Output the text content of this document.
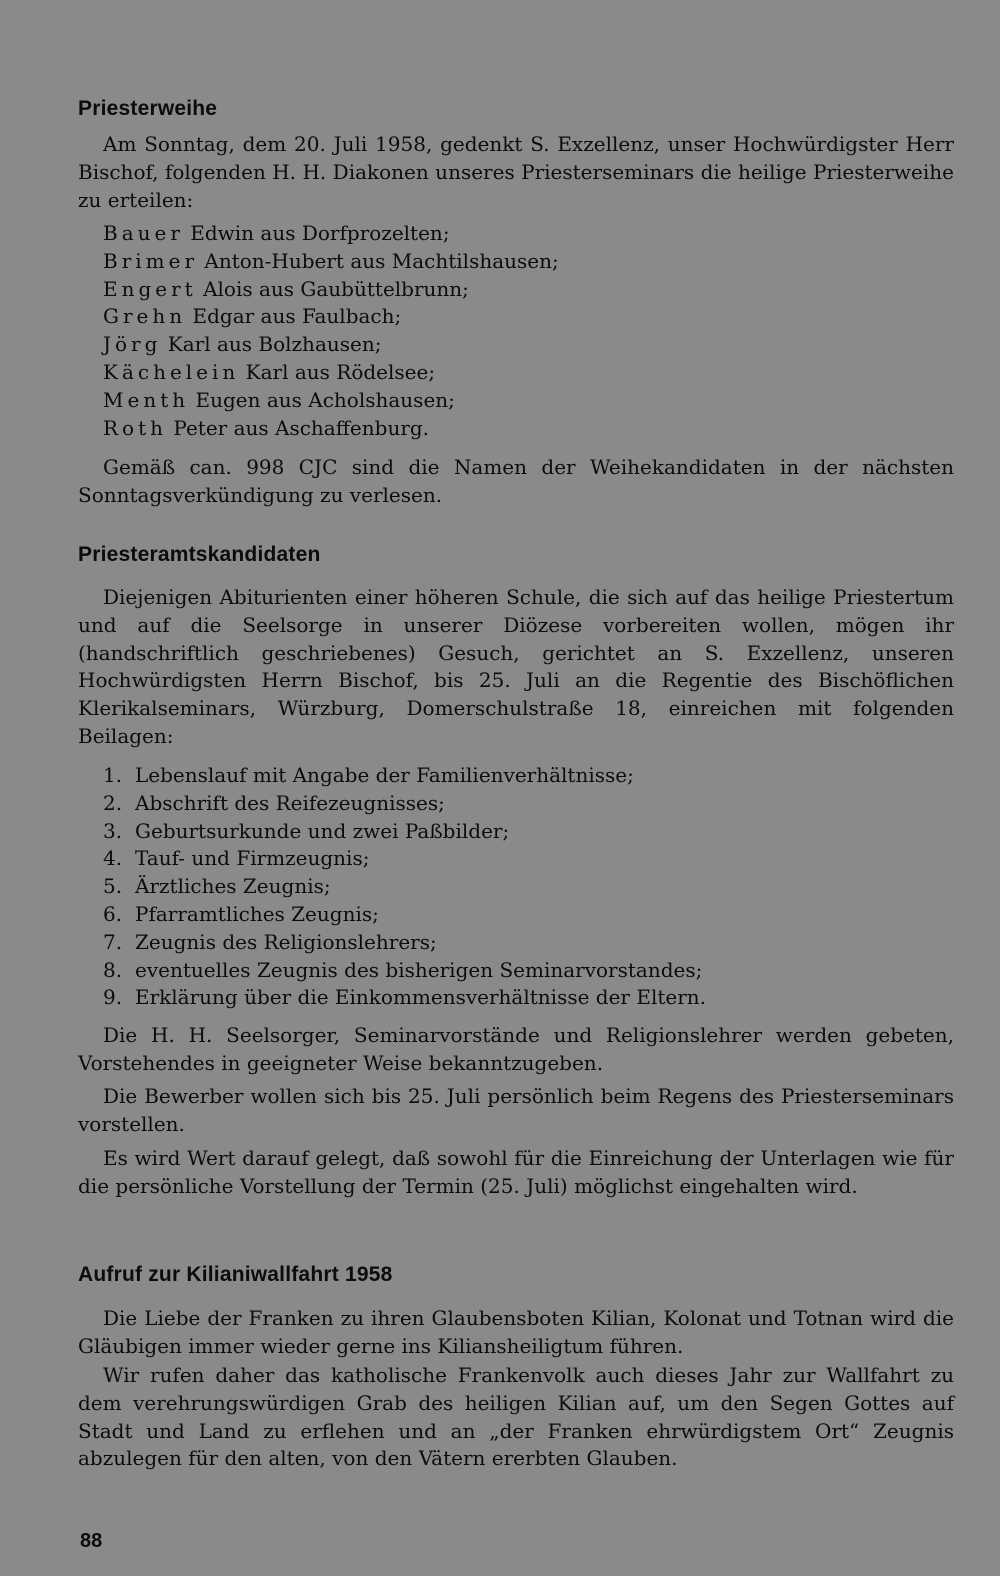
Priesterweihe

Am Sonntag, dem 20. Juli 1958, gedenkt S. Exzellenz, unser Hochwürdigster Herr Bischof, folgenden H. H. Diakonen unseres Priesterseminars die heilige Priesterweihe zu erteilen:

Bauer Edwin aus Dorfprozelten;
Brimer Anton-Hubert aus Machtilshausen;
Engert Alois aus Gaubüttelbrunn;
Grehn Edgar aus Faulbach;
Jörg Karl aus Bolzhausen;
Kächelein Karl aus Rödelsee;
Menth Eugen aus Acholshausen;
Roth Peter aus Aschaffenburg.

Gemäß can. 998 CJC sind die Namen der Weihekandidaten in der nächsten Sonntagsverkündigung zu verlesen.

Priesteramtskandidaten

Diejenigen Abiturienten einer höheren Schule, die sich auf das heilige Priestertum und auf die Seelsorge in unserer Diözese vorbereiten wollen, mögen ihr (handschriftlich geschriebenes) Gesuch, gerichtet an S. Exzellenz, unseren Hochwürdigsten Herrn Bischof, bis 25. Juli an die Regentie des Bischöflichen Klerikalseminars, Würzburg, Domerschulstraße 18, einreichen mit folgenden Beilagen:

1. Lebenslauf mit Angabe der Familienverhältnisse;
2. Abschrift des Reifezeugnisses;
3. Geburtsurkunde und zwei Paßbilder;
4. Tauf- und Firmzeugnis;
5. Ärztliches Zeugnis;
6. Pfarramtliches Zeugnis;
7. Zeugnis des Religionslehrers;
8. eventuelles Zeugnis des bisherigen Seminarvorstandes;
9. Erklärung über die Einkommensverhältnisse der Eltern.

Die H. H. Seelsorger, Seminarvorstände und Religionslehrer werden gebeten, Vorstehendes in geeigneter Weise bekanntzugeben.

Die Bewerber wollen sich bis 25. Juli persönlich beim Regens des Priesterseminars vorstellen.

Es wird Wert darauf gelegt, daß sowohl für die Einreichung der Unterlagen wie für die persönliche Vorstellung der Termin (25. Juli) möglichst eingehalten wird.

Aufruf zur Kilianiwallfahrt 1958

Die Liebe der Franken zu ihren Glaubensboten Kilian, Kolonat und Totnan wird die Gläubigen immer wieder gerne ins Kiliansheiligtum führen.

Wir rufen daher das katholische Frankenvolk auch dieses Jahr zur Wallfahrt zu dem verehrungswürdigen Grab des heiligen Kilian auf, um den Segen Gottes auf Stadt und Land zu erflehen und an „der Franken ehrwürdigstem Ort“ Zeugnis abzulegen für den alten, von den Vätern ererbten Glauben.

88
